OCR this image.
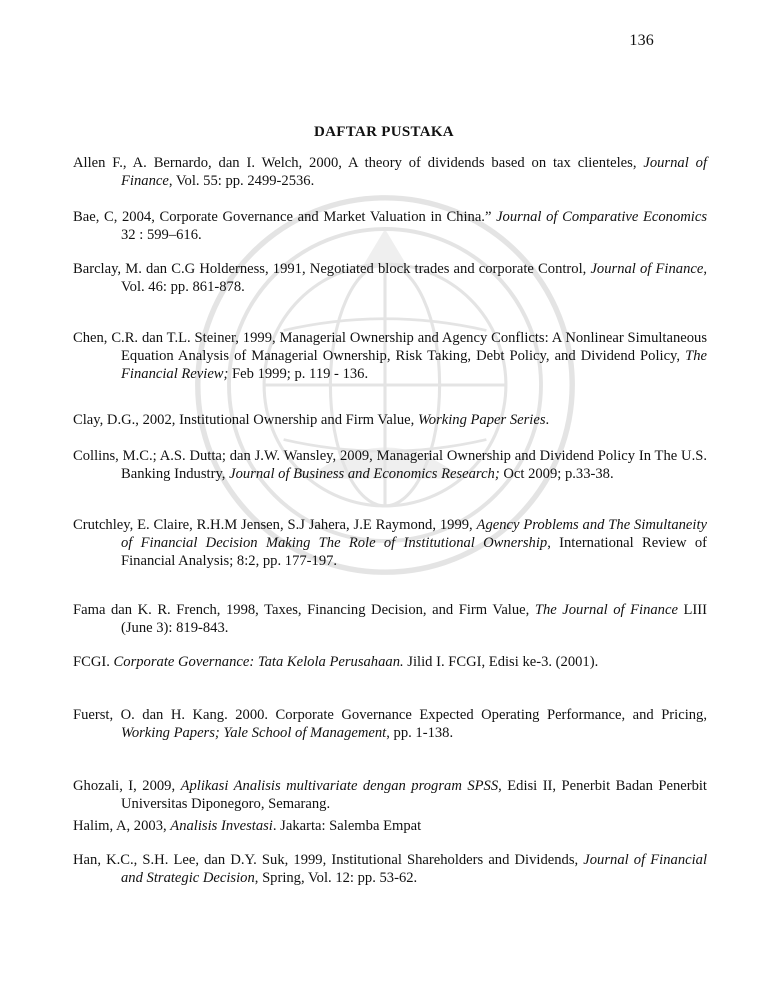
136
DAFTAR PUSTAKA
Allen F., A. Bernardo, dan I. Welch, 2000, A theory of dividends based on tax clienteles, Journal of Finance, Vol. 55: pp. 2499-2536.
Bae, C, 2004, Corporate Governance and Market Valuation in China.” Journal of Comparative Economics 32 : 599–616.
Barclay, M. dan C.G Holderness, 1991, Negotiated block trades and corporate Control, Journal of Finance, Vol. 46: pp. 861-878.
Chen, C.R. dan T.L. Steiner, 1999, Managerial Ownership and Agency Conflicts: A Nonlinear Simultaneous Equation Analysis of Managerial Ownership, Risk Taking, Debt Policy, and Dividend Policy, The Financial Review; Feb 1999; p. 119 - 136.
Clay, D.G., 2002, Institutional Ownership and Firm Value, Working Paper Series.
Collins, M.C.; A.S. Dutta; dan J.W. Wansley, 2009, Managerial Ownership and Dividend Policy In The U.S. Banking Industry, Journal of Business and Economics Research; Oct 2009; p.33-38.
Crutchley, E. Claire, R.H.M Jensen, S.J Jahera, J.E Raymond, 1999, Agency Problems and The Simultaneity of Financial Decision Making The Role of Institutional Ownership, International Review of Financial Analysis; 8:2, pp. 177-197.
Fama dan K. R. French, 1998, Taxes, Financing Decision, and Firm Value, The Journal of Finance LIII (June 3): 819-843.
FCGI. Corporate Governance: Tata Kelola Perusahaan. Jilid I. FCGI, Edisi ke-3. (2001).
Fuerst, O. dan H. Kang. 2000. Corporate Governance Expected Operating Performance, and Pricing, Working Papers; Yale School of Management, pp. 1-138.
Ghozali, I, 2009, Aplikasi Analisis multivariate dengan program SPSS, Edisi II, Penerbit Badan Penerbit Universitas Diponegoro, Semarang.
Halim, A, 2003, Analisis Investasi. Jakarta: Salemba Empat
Han, K.C., S.H. Lee, dan D.Y. Suk, 1999, Institutional Shareholders and Dividends, Journal of Financial and Strategic Decision, Spring, Vol. 12: pp. 53-62.
